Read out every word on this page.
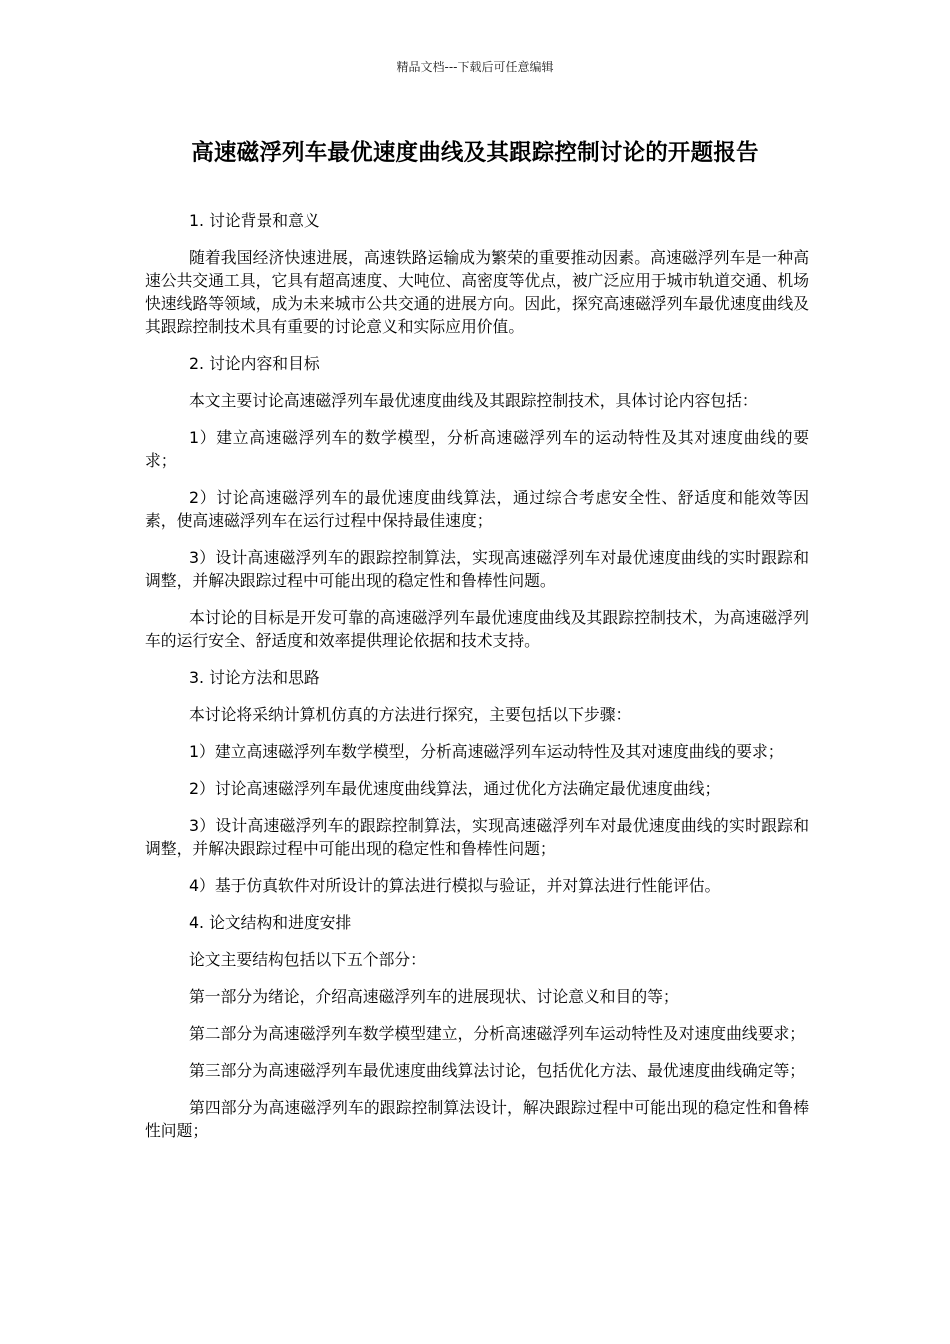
精品文档---下载后可任意编辑
高速磁浮列车最优速度曲线及其跟踪控制讨论的开题报告

1. 讨论背景和意义

随着我国经济快速进展，高速铁路运输成为繁荣的重要推动因素。高速磁浮列车是一种高速公共交通工具，它具有超高速度、大吨位、高密度等优点，被广泛应用于城市轨道交通、机场快速线路等领域，成为未来城市公共交通的进展方向。因此，探究高速磁浮列车最优速度曲线及其跟踪控制技术具有重要的讨论意义和实际应用价值。

2. 讨论内容和目标

本文主要讨论高速磁浮列车最优速度曲线及其跟踪控制技术，具体讨论内容包括：

1）建立高速磁浮列车的数学模型，分析高速磁浮列车的运动特性及其对速度曲线的要求；

2）讨论高速磁浮列车的最优速度曲线算法，通过综合考虑安全性、舒适度和能效等因素，使高速磁浮列车在运行过程中保持最佳速度；

3）设计高速磁浮列车的跟踪控制算法，实现高速磁浮列车对最优速度曲线的实时跟踪和调整，并解决跟踪过程中可能出现的稳定性和鲁棒性问题。

本讨论的目标是开发可靠的高速磁浮列车最优速度曲线及其跟踪控制技术，为高速磁浮列车的运行安全、舒适度和效率提供理论依据和技术支持。

3. 讨论方法和思路

本讨论将采纳计算机仿真的方法进行探究，主要包括以下步骤：

1）建立高速磁浮列车数学模型，分析高速磁浮列车运动特性及其对速度曲线的要求；

2）讨论高速磁浮列车最优速度曲线算法，通过优化方法确定最优速度曲线；

3）设计高速磁浮列车的跟踪控制算法，实现高速磁浮列车对最优速度曲线的实时跟踪和调整，并解决跟踪过程中可能出现的稳定性和鲁棒性问题；

4）基于仿真软件对所设计的算法进行模拟与验证，并对算法进行性能评估。

4. 论文结构和进度安排

论文主要结构包括以下五个部分：

第一部分为绪论，介绍高速磁浮列车的进展现状、讨论意义和目的等；

第二部分为高速磁浮列车数学模型建立，分析高速磁浮列车运动特性及对速度曲线要求；

第三部分为高速磁浮列车最优速度曲线算法讨论，包括优化方法、最优速度曲线确定等；

第四部分为高速磁浮列车的跟踪控制算法设计，解决跟踪过程中可能出现的稳定性和鲁棒性问题；
